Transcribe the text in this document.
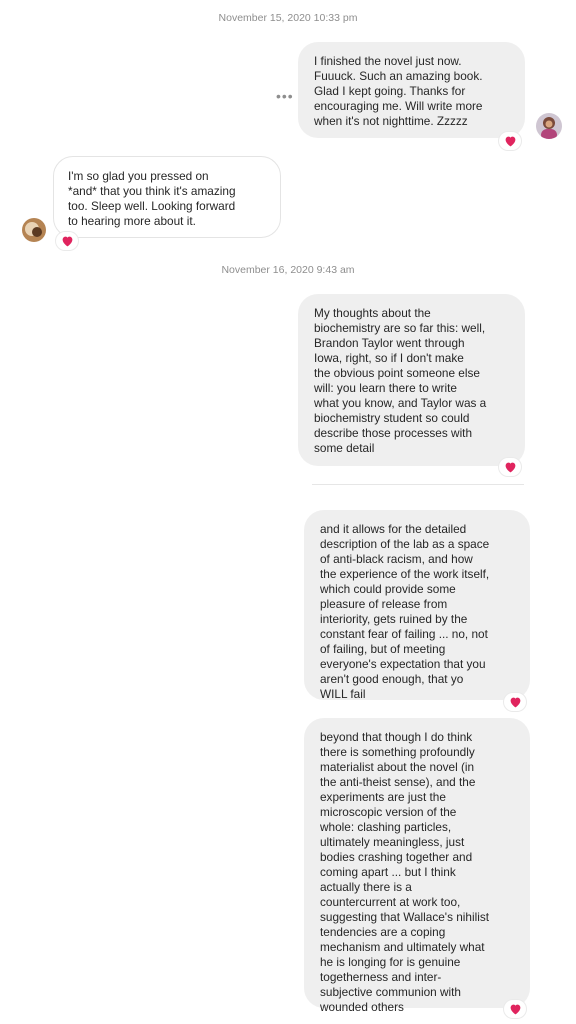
November 15, 2020 10:33 pm
•••
I finished the novel just now.
Fuuuck. Such an amazing book.
Glad I kept going. Thanks for
encouraging me. Will write more
when it's not nighttime. Zzzzz
I'm so glad you pressed on
*and* that you think it's amazing
too. Sleep well. Looking forward
to hearing more about it.
November 16, 2020 9:43 am
My thoughts about the
biochemistry are so far this: well,
Brandon Taylor went through
Iowa, right, so if I don't make
the obvious point someone else
will: you learn there to write
what you know, and Taylor was a
biochemistry student so could
describe those processes with
some detail
and it allows for the detailed
description of the lab as a space
of anti-black racism, and how
the experience of the work itself,
which could provide some
pleasure of release from
interiority, gets ruined by the
constant fear of failing ... no, not
of failing, but of meeting
everyone's expectation that you
aren't good enough, that yo
WILL fail
beyond that though I do think
there is something profoundly
materialist about the novel (in
the anti-theist sense), and the
experiments are just the
microscopic version of the
whole: clashing particles,
ultimately meaningless, just
bodies crashing together and
coming apart ... but I think
actually there is a
countercurrent at work too,
suggesting that Wallace's nihilist
tendencies are a coping
mechanism and ultimately what
he is longing for is genuine
togetherness and inter-
subjective communion with
wounded others
